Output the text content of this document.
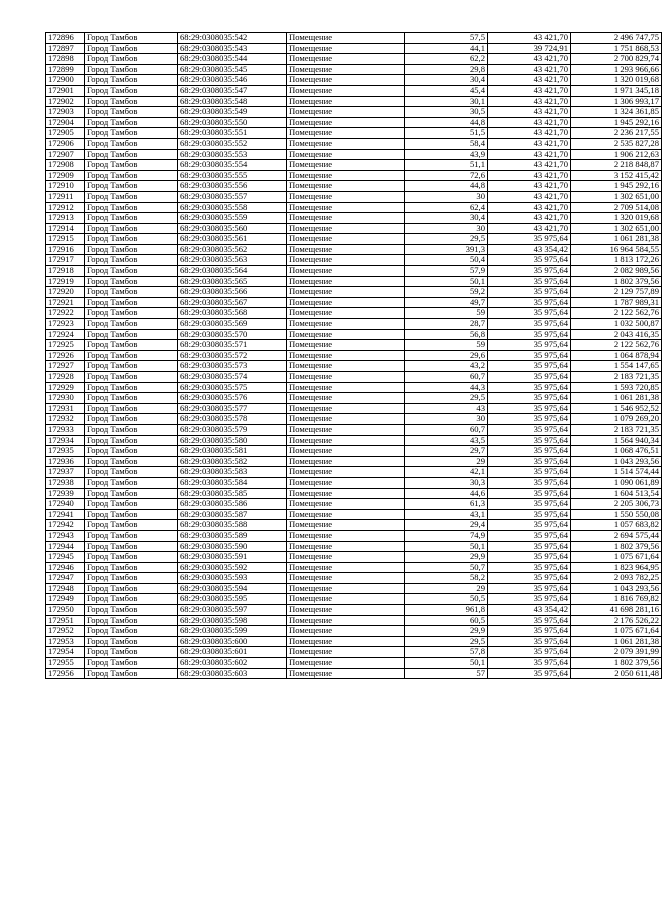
172896	Город Тамбов	68:29:0308035:542	Помещение	57,5	43 421,70	2 496 747,75
172897	Город Тамбов	68:29:0308035:543	Помещение	44,1	39 724,91	1 751 868,53
172898	Город Тамбов	68:29:0308035:544	Помещение	62,2	43 421,70	2 700 829,74
172899	Город Тамбов	68:29:0308035:545	Помещение	29,8	43 421,70	1 293 966,66
172900	Город Тамбов	68:29:0308035:546	Помещение	30,4	43 421,70	1 320 019,68
172901	Город Тамбов	68:29:0308035:547	Помещение	45,4	43 421,70	1 971 345,18
172902	Город Тамбов	68:29:0308035:548	Помещение	30,1	43 421,70	1 306 993,17
172903	Город Тамбов	68:29:0308035:549	Помещение	30,5	43 421,70	1 324 361,85
172904	Город Тамбов	68:29:0308035:550	Помещение	44,8	43 421,70	1 945 292,16
172905	Город Тамбов	68:29:0308035:551	Помещение	51,5	43 421,70	2 236 217,55
172906	Город Тамбов	68:29:0308035:552	Помещение	58,4	43 421,70	2 535 827,28
172907	Город Тамбов	68:29:0308035:553	Помещение	43,9	43 421,70	1 906 212,63
172908	Город Тамбов	68:29:0308035:554	Помещение	51,1	43 421,70	2 218 848,87
172909	Город Тамбов	68:29:0308035:555	Помещение	72,6	43 421,70	3 152 415,42
172910	Город Тамбов	68:29:0308035:556	Помещение	44,8	43 421,70	1 945 292,16
172911	Город Тамбов	68:29:0308035:557	Помещение	30	43 421,70	1 302 651,00
172912	Город Тамбов	68:29:0308035:558	Помещение	62,4	43 421,70	2 709 514,08
172913	Город Тамбов	68:29:0308035:559	Помещение	30,4	43 421,70	1 320 019,68
172914	Город Тамбов	68:29:0308035:560	Помещение	30	43 421,70	1 302 651,00
172915	Город Тамбов	68:29:0308035:561	Помещение	29,5	35 975,64	1 061 281,38
172916	Город Тамбов	68:29:0308035:562	Помещение	391,3	43 354,42	16 964 584,55
172917	Город Тамбов	68:29:0308035:563	Помещение	50,4	35 975,64	1 813 172,26
172918	Город Тамбов	68:29:0308035:564	Помещение	57,9	35 975,64	2 082 989,56
172919	Город Тамбов	68:29:0308035:565	Помещение	50,1	35 975,64	1 802 379,56
172920	Город Тамбов	68:29:0308035:566	Помещение	59,2	35 975,64	2 129 757,89
172921	Город Тамбов	68:29:0308035:567	Помещение	49,7	35 975,64	1 787 989,31
172922	Город Тамбов	68:29:0308035:568	Помещение	59	35 975,64	2 122 562,76
172923	Город Тамбов	68:29:0308035:569	Помещение	28,7	35 975,64	1 032 500,87
172924	Город Тамбов	68:29:0308035:570	Помещение	56,8	35 975,64	2 043 416,35
172925	Город Тамбов	68:29:0308035:571	Помещение	59	35 975,64	2 122 562,76
172926	Город Тамбов	68:29:0308035:572	Помещение	29,6	35 975,64	1 064 878,94
172927	Город Тамбов	68:29:0308035:573	Помещение	43,2	35 975,64	1 554 147,65
172928	Город Тамбов	68:29:0308035:574	Помещение	60,7	35 975,64	2 183 721,35
172929	Город Тамбов	68:29:0308035:575	Помещение	44,3	35 975,64	1 593 720,85
172930	Город Тамбов	68:29:0308035:576	Помещение	29,5	35 975,64	1 061 281,38
172931	Город Тамбов	68:29:0308035:577	Помещение	43	35 975,64	1 546 952,52
172932	Город Тамбов	68:29:0308035:578	Помещение	30	35 975,64	1 079 269,20
172933	Город Тамбов	68:29:0308035:579	Помещение	60,7	35 975,64	2 183 721,35
172934	Город Тамбов	68:29:0308035:580	Помещение	43,5	35 975,64	1 564 940,34
172935	Город Тамбов	68:29:0308035:581	Помещение	29,7	35 975,64	1 068 476,51
172936	Город Тамбов	68:29:0308035:582	Помещение	29	35 975,64	1 043 293,56
172937	Город Тамбов	68:29:0308035:583	Помещение	42,1	35 975,64	1 514 574,44
172938	Город Тамбов	68:29:0308035:584	Помещение	30,3	35 975,64	1 090 061,89
172939	Город Тамбов	68:29:0308035:585	Помещение	44,6	35 975,64	1 604 513,54
172940	Город Тамбов	68:29:0308035:586	Помещение	61,3	35 975,64	2 205 306,73
172941	Город Тамбов	68:29:0308035:587	Помещение	43,1	35 975,64	1 550 550,08
172942	Город Тамбов	68:29:0308035:588	Помещение	29,4	35 975,64	1 057 683,82
172943	Город Тамбов	68:29:0308035:589	Помещение	74,9	35 975,64	2 694 575,44
172944	Город Тамбов	68:29:0308035:590	Помещение	50,1	35 975,64	1 802 379,56
172945	Город Тамбов	68:29:0308035:591	Помещение	29,9	35 975,64	1 075 671,64
172946	Город Тамбов	68:29:0308035:592	Помещение	50,7	35 975,64	1 823 964,95
172947	Город Тамбов	68:29:0308035:593	Помещение	58,2	35 975,64	2 093 782,25
172948	Город Тамбов	68:29:0308035:594	Помещение	29	35 975,64	1 043 293,56
172949	Город Тамбов	68:29:0308035:595	Помещение	50,5	35 975,64	1 816 769,82
172950	Город Тамбов	68:29:0308035:597	Помещение	961,8	43 354,42	41 698 281,16
172951	Город Тамбов	68:29:0308035:598	Помещение	60,5	35 975,64	2 176 526,22
172952	Город Тамбов	68:29:0308035:599	Помещение	29,9	35 975,64	1 075 671,64
172953	Город Тамбов	68:29:0308035:600	Помещение	29,5	35 975,64	1 061 281,38
172954	Город Тамбов	68:29:0308035:601	Помещение	57,8	35 975,64	2 079 391,99
172955	Город Тамбов	68:29:0308035:602	Помещение	50,1	35 975,64	1 802 379,56
172956	Город Тамбов	68:29:0308035:603	Помещение	57	35 975,64	2 050 611,48
